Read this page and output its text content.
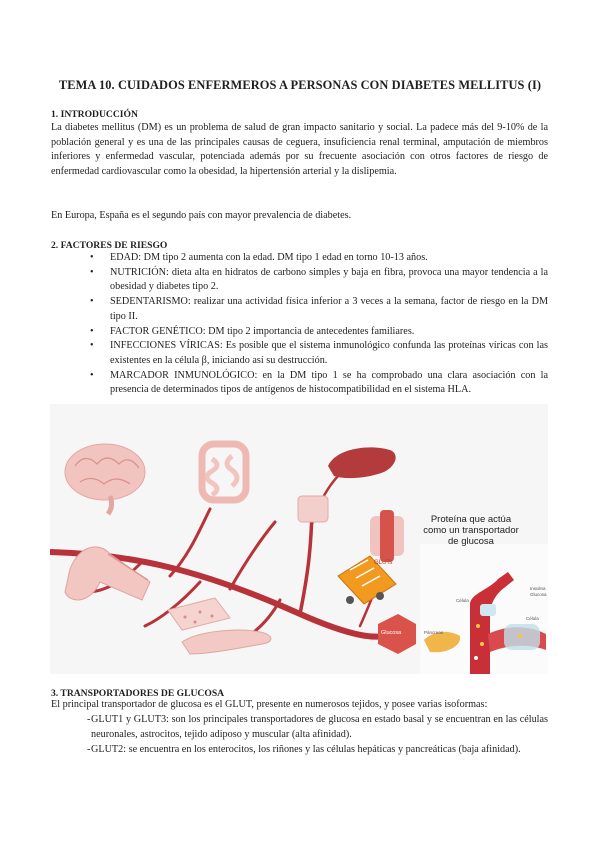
TEMA 10. CUIDADOS ENFERMEROS A PERSONAS CON DIABETES MELLITUS (I)
1. INTRODUCCIÓN

La diabetes mellitus (DM) es un problema de salud de gran impacto sanitario y social. La padece más del 9-10% de la población general y es una de las principales causas de ceguera, insuficiencia renal terminal, amputación de miembros inferiores y enfermedad vascular, potenciada además por su frecuente asociación con otros factores de riesgo de enfermedad cardiovascular como la obesidad, la hipertensión arterial y la dislipemia.

En Europa, España es el segundo país con mayor prevalencia de diabetes.

2. FACTORES DE RIESGO
• EDAD: DM tipo 2 aumenta con la edad. DM tipo 1 edad en torno 10-13 años.
• NUTRICIÓN: dieta alta en hidratos de carbono simples y baja en fibra, provoca una mayor tendencia a la obesidad y diabetes tipo 2.
• SEDENTARISMO: realizar una actividad física inferior a 3 veces a la semana, factor de riesgo en la DM tipo II.
• FACTOR GENÉTICO: DM tipo 2 importancia de antecedentes familiares.
• INFECCIONES VÍRICAS: Es posible que el sistema inmunológico confunda las proteínas víricas con las existentes en la célula β, iniciando así su destrucción.
• MARCADOR INMUNOLÓGICO: en la DM tipo 1 se ha comprobado una clara asociación con la presencia de determinados tipos de antígenos de histocompatibilidad en el sistema HLA.
Proteína que actúa
como un transportador
de glucosa
GLUTs
Glucosa
Insulina
Glucosa
Célula
Célula
Páncreas
3. TRANSPORTADORES DE GLUCOSA

El principal transportador de glucosa es el GLUT, presente en numerosos tejidos, y posee varias isoformas:

- GLUT1 y GLUT3: son los principales transportadores de glucosa en estado basal y se encuentran en las células neuronales, astrocitos, tejido adiposo y muscular (alta afinidad).
- GLUT2: se encuentra en los enterocitos, los riñones y las células hepáticas y pancreáticas (baja afinidad).
